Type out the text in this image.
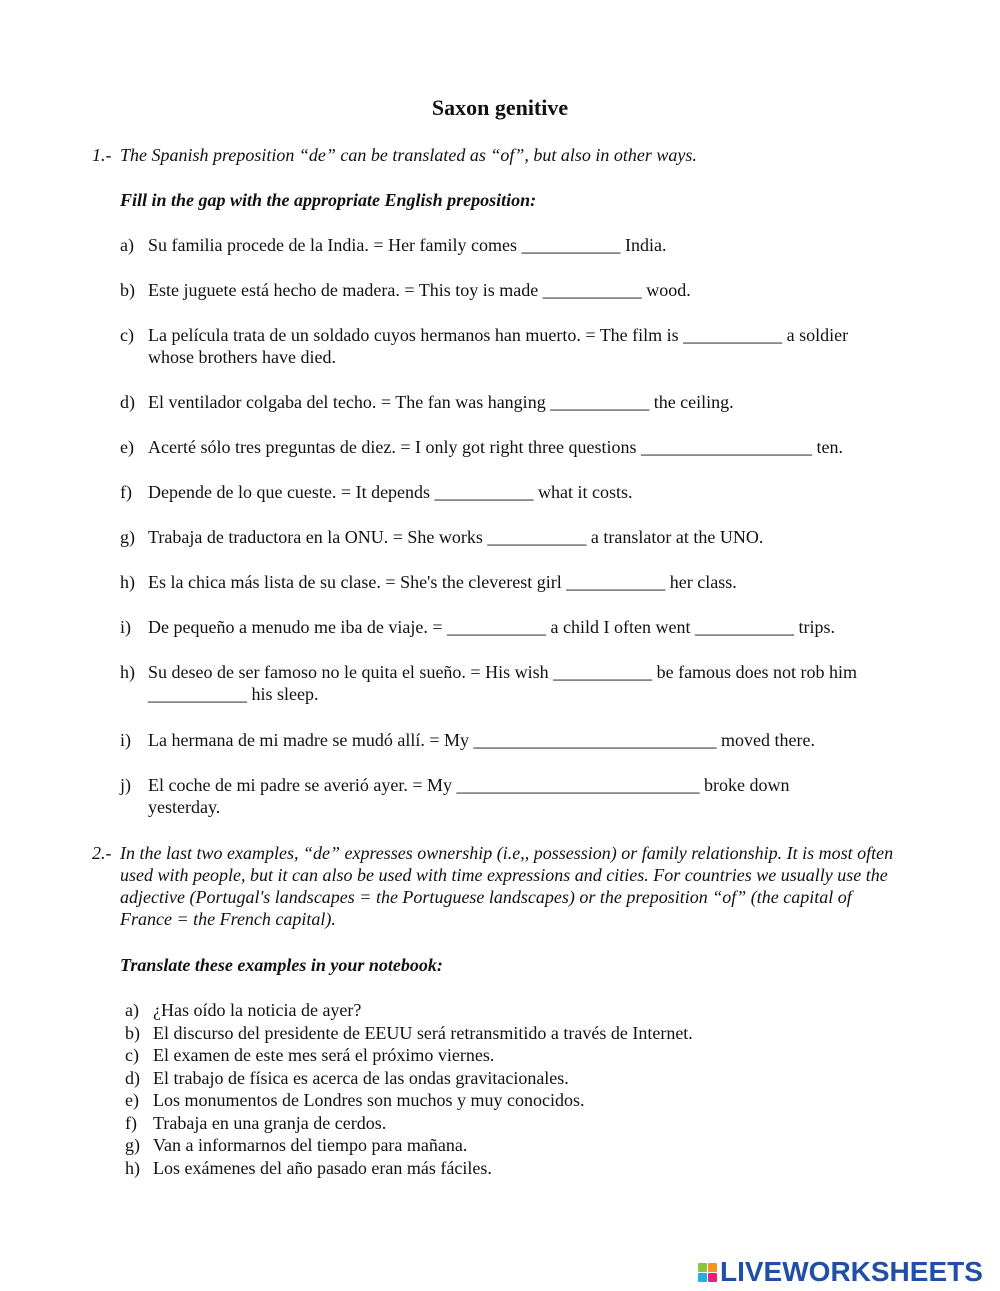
Saxon genitive
1.- The Spanish preposition “de” can be translated as “of”, but also in other ways.
Fill in the gap with the appropriate English preposition:
a) Su familia procede de la India. = Her family comes ___________ India.
b) Este juguete está hecho de madera. = This toy is made ___________ wood.
c) La película trata de un soldado cuyos hermanos han muerto. = The film is ___________ a soldier whose brothers have died.
d) El ventilador colgaba del techo. = The fan was hanging ___________ the ceiling.
e) Acerté sólo tres preguntas de diez. = I only got right three questions ___________________ ten.
f) Depende de lo que cueste. = It depends ___________ what it costs.
g) Trabaja de traductora en la ONU. = She works ___________ a translator at the UNO.
h) Es la chica más lista de su clase. = She's the cleverest girl ___________ her class.
i) De pequeño a menudo me iba de viaje. = ___________ a child I often went ___________ trips.
h) Su deseo de ser famoso no le quita el sueño. = His wish ___________ be famous does not rob him ___________ his sleep.
i) La hermana de mi madre se mudó allí. = My ___________________________ moved there.
j) El coche de mi padre se averió ayer. = My ___________________________ broke down yesterday.
2.- In the last two examples, “de” expresses ownership (i.e,, possession) or family relationship. It is most often used with people, but it can also be used with time expressions and cities. For countries we usually use the adjective (Portugal's landscapes = the Portuguese landscapes) or the preposition “of” (the capital of France = the French capital).
Translate these examples in your notebook:
a) ¿Has oído la noticia de ayer?
b) El discurso del presidente de EEUU será retransmitido a través de Internet.
c) El examen de este mes será el próximo viernes.
d) El trabajo de física es acerca de las ondas gravitacionales.
e) Los monumentos de Londres son muchos y muy conocidos.
f) Trabaja en una granja de cerdos.
g) Van a informarnos del tiempo para mañana.
h) Los exámenes del año pasado eran más fáciles.
LIVEWORKSHEETS
